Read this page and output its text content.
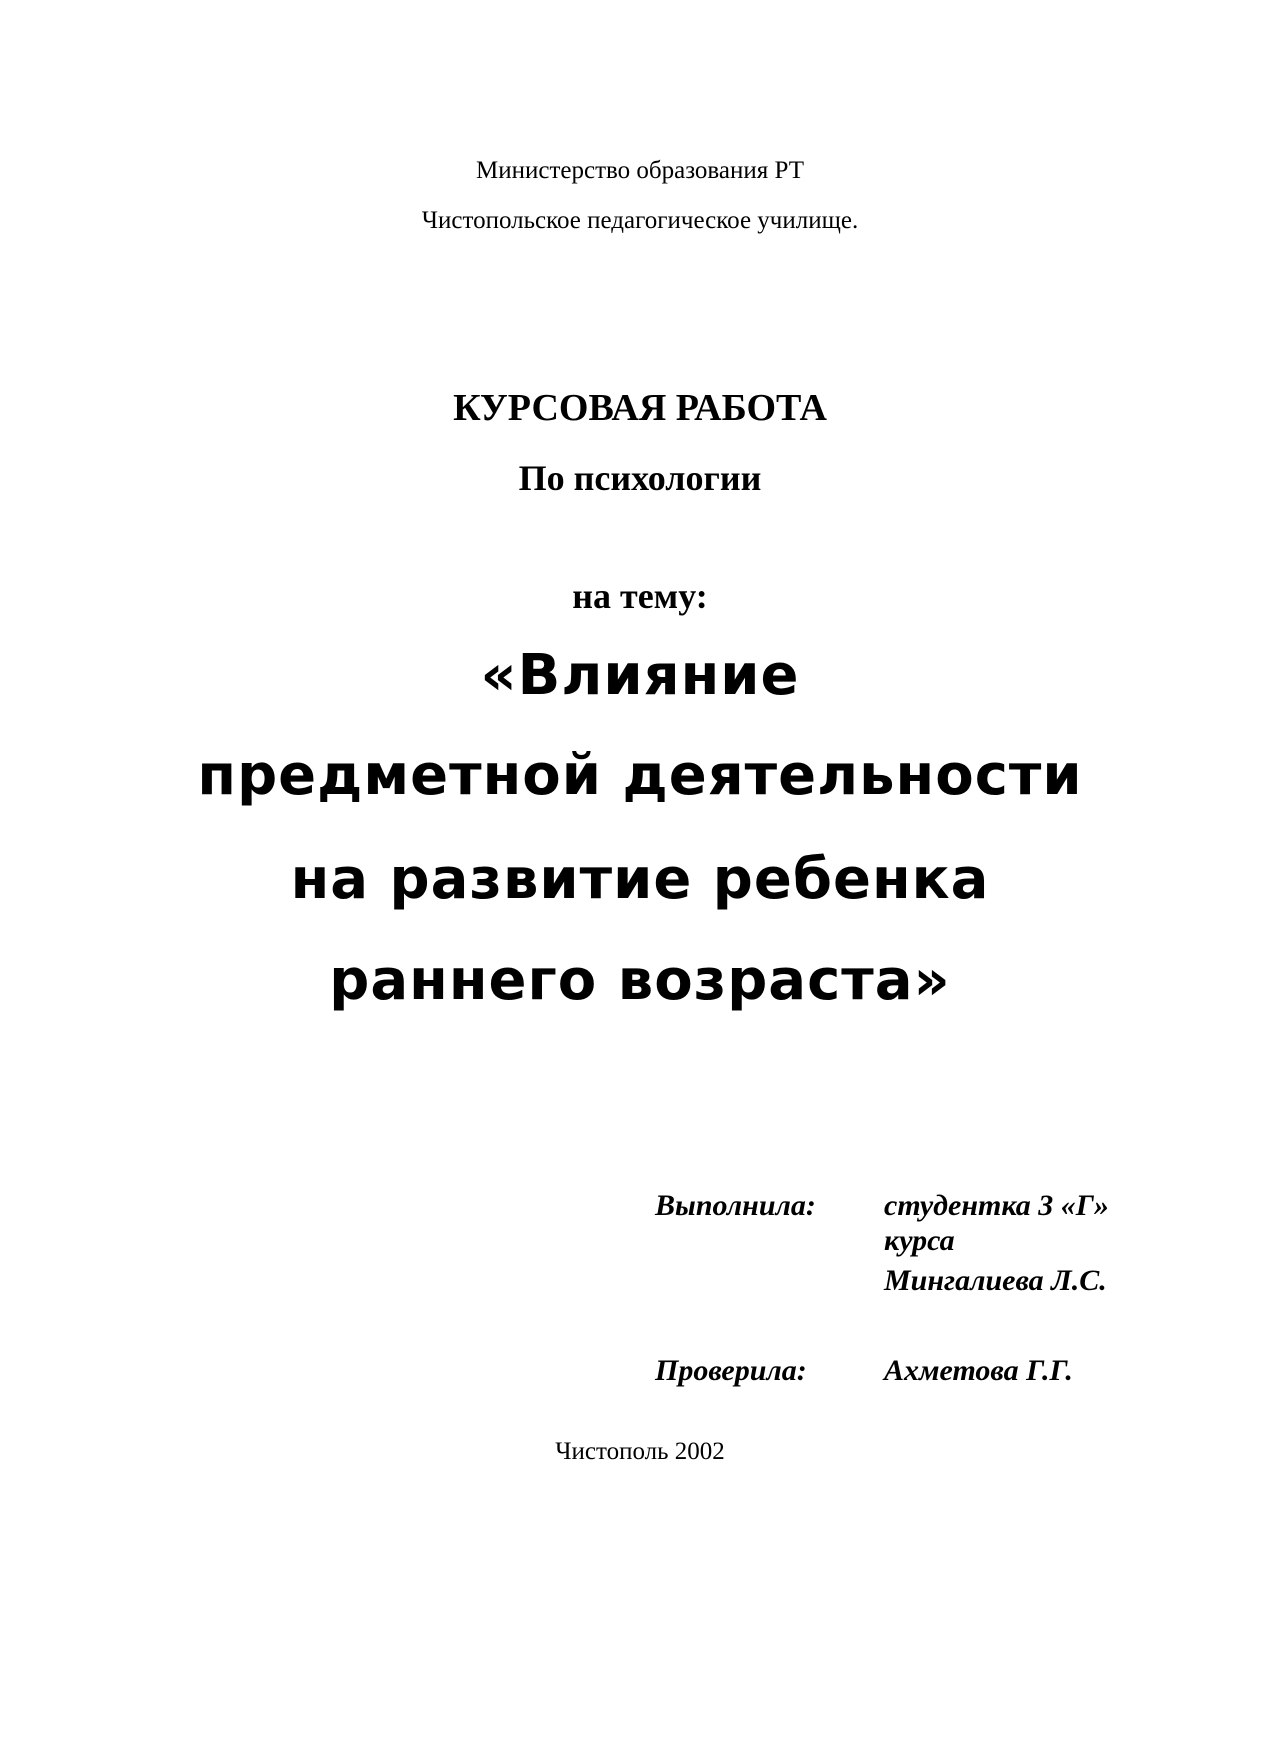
Министерство образования РТ
Чистопольское педагогическое училище.
КУРСОВАЯ РАБОТА
По психологии
на тему:
«Влияние
предметной деятельности
на развитие ребенка
раннего возраста»
Выполнила: студентка 3 «Г»
курса
Мингалиева Л.С.
Проверила:	Ахметова Г.Г.
Чистополь 2002
